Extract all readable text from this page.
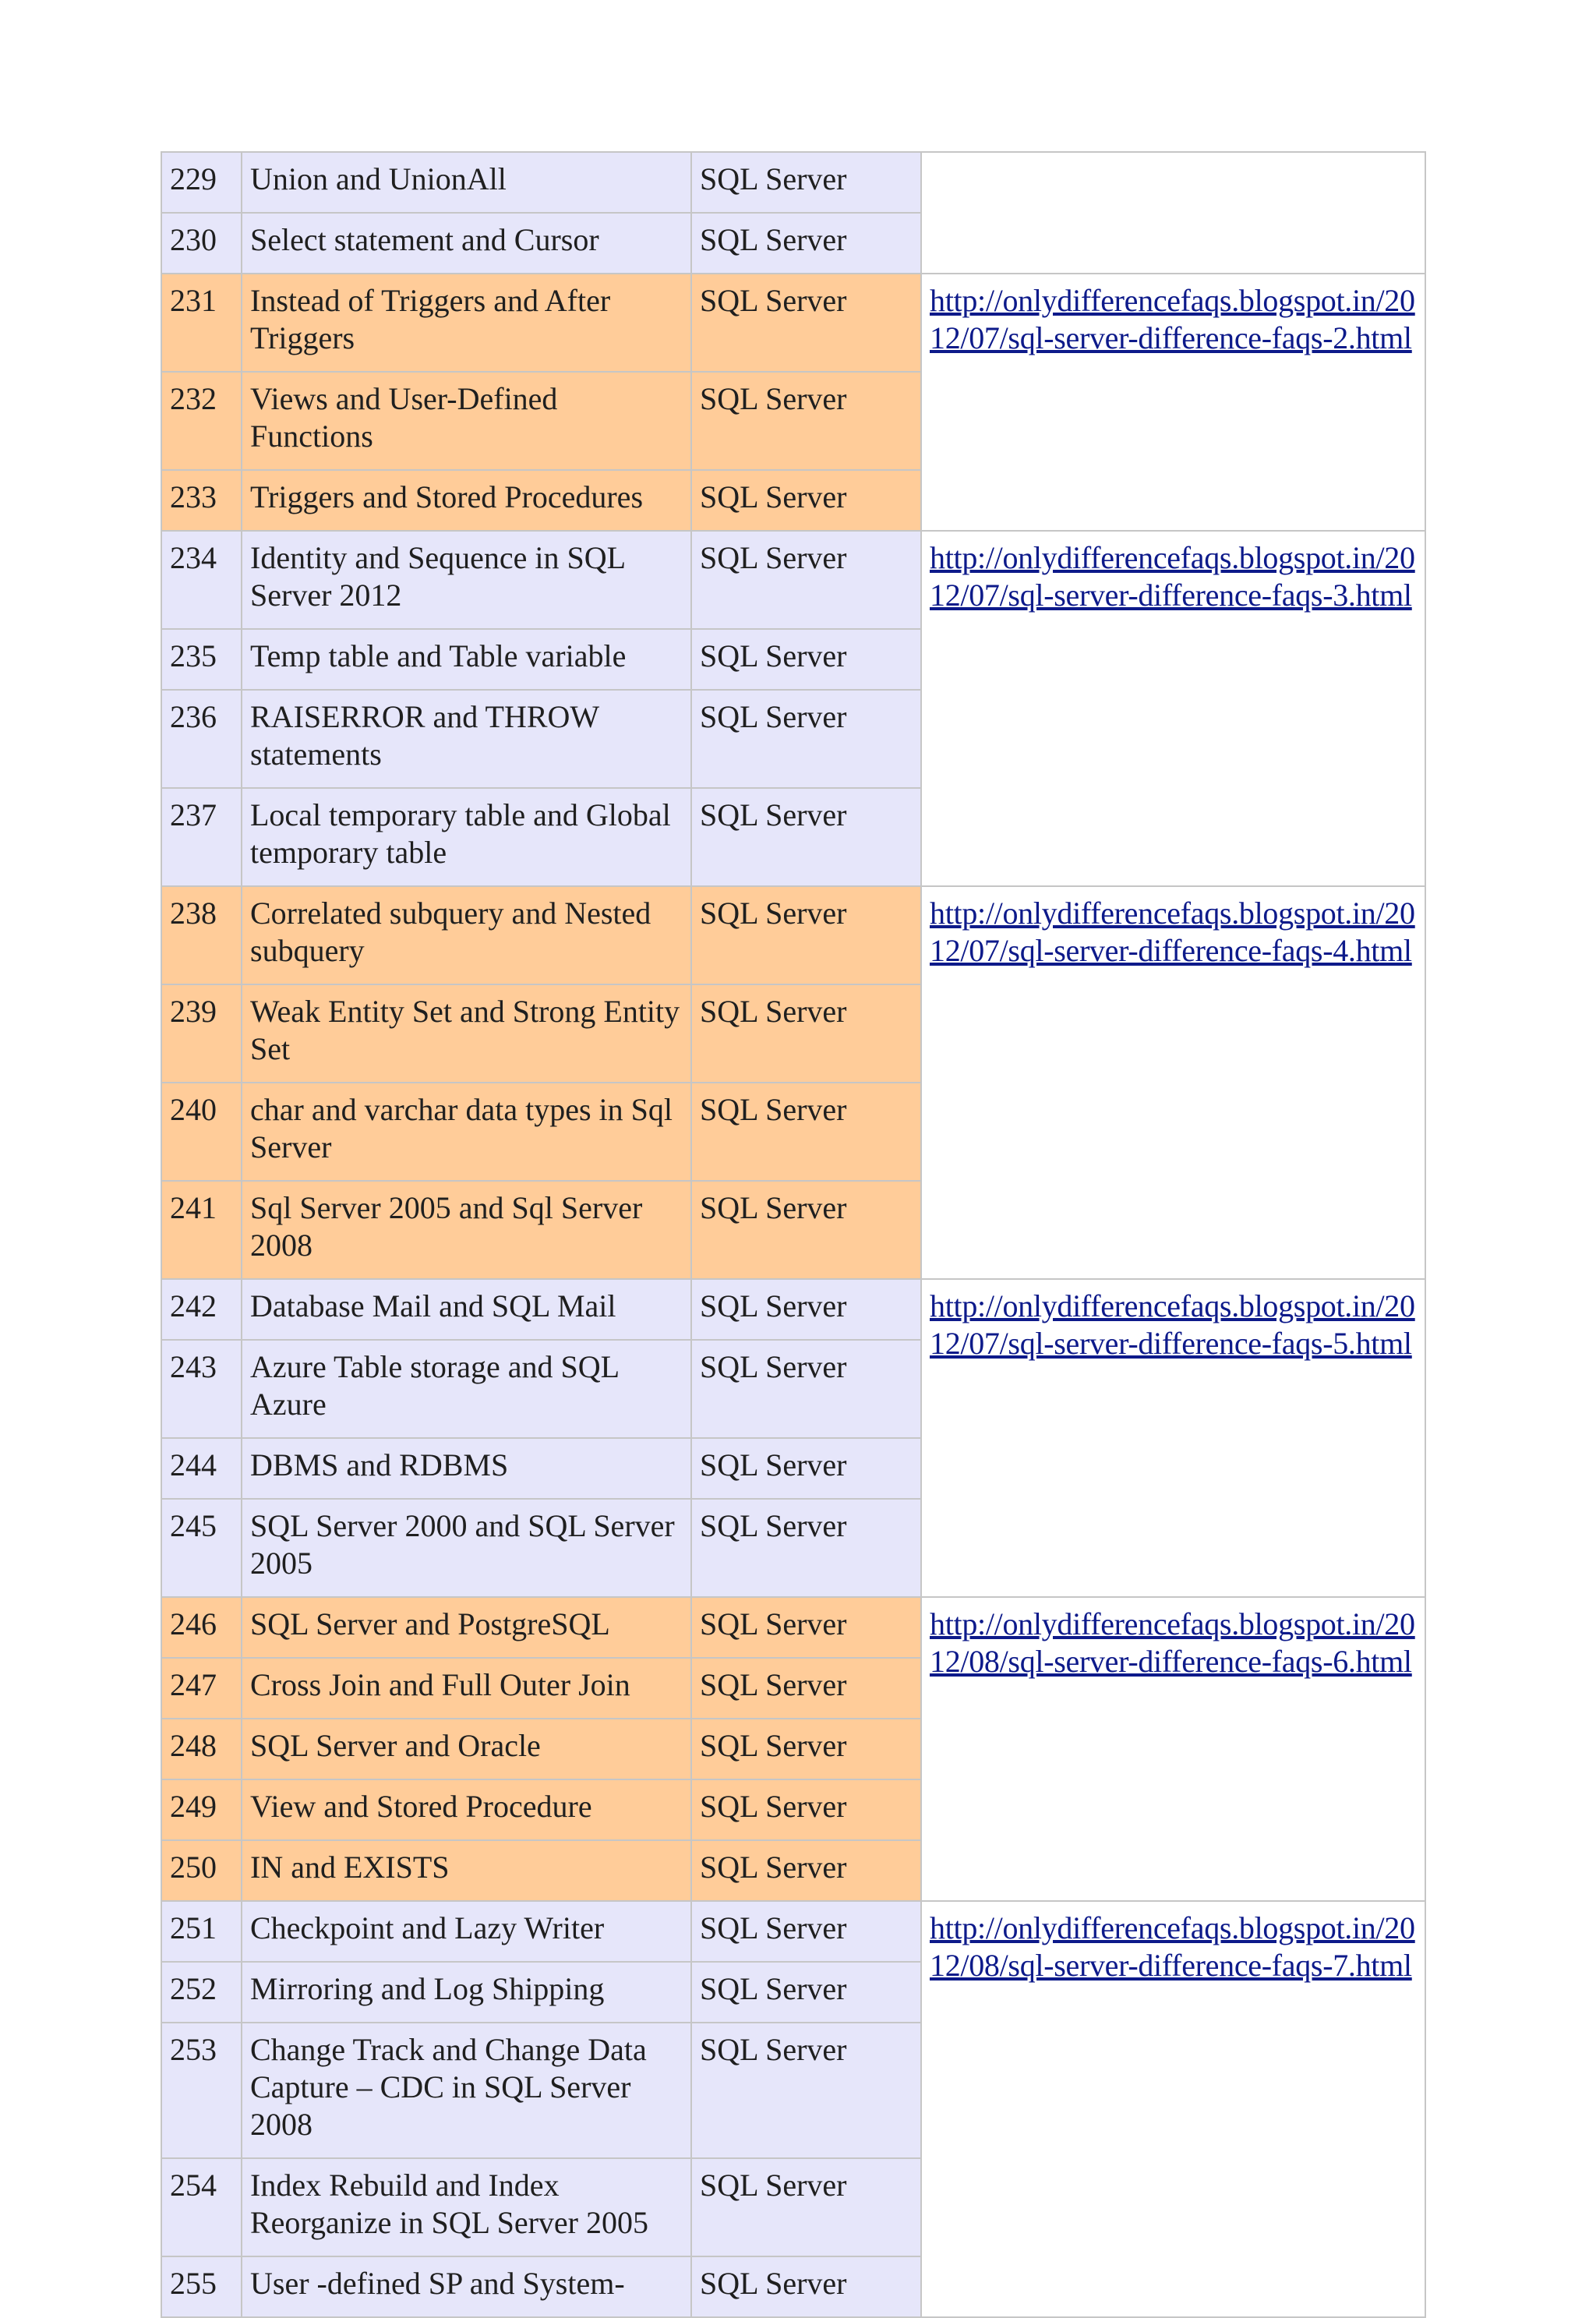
229	Union and UnionAll	SQL Server	
230	Select statement and Cursor	SQL Server	
231	Instead of Triggers and After Triggers	SQL Server	http://onlydifferencefaqs.blogspot.in/2012/07/sql-server-difference-faqs-2.html
232	Views and User-Defined Functions	SQL Server	
233	Triggers and Stored Procedures	SQL Server	
234	Identity and Sequence in SQL Server 2012	SQL Server	http://onlydifferencefaqs.blogspot.in/2012/07/sql-server-difference-faqs-3.html
235	Temp table and Table variable	SQL Server	
236	RAISERROR and THROW statements	SQL Server	
237	Local temporary table and Global temporary table	SQL Server	
238	Correlated subquery and Nested subquery	SQL Server	http://onlydifferencefaqs.blogspot.in/2012/07/sql-server-difference-faqs-4.html
239	Weak Entity Set and Strong Entity Set	SQL Server	
240	char and varchar data types in Sql Server	SQL Server	
241	Sql Server 2005 and Sql Server 2008	SQL Server	
242	Database Mail and SQL Mail	SQL Server	http://onlydifferencefaqs.blogspot.in/2012/07/sql-server-difference-faqs-5.html
243	Azure Table storage and SQL Azure	SQL Server	
244	DBMS and RDBMS	SQL Server	
245	SQL Server 2000 and SQL Server 2005	SQL Server	
246	SQL Server and PostgreSQL	SQL Server	http://onlydifferencefaqs.blogspot.in/2012/08/sql-server-difference-faqs-6.html
247	Cross Join and Full Outer Join	SQL Server	
248	SQL Server and Oracle	SQL Server	
249	View and Stored Procedure	SQL Server	
250	IN and EXISTS	SQL Server	
251	Checkpoint and Lazy Writer	SQL Server	http://onlydifferencefaqs.blogspot.in/2012/08/sql-server-difference-faqs-7.html
252	Mirroring and Log Shipping	SQL Server	
253	Change Track and Change Data Capture – CDC in SQL Server 2008	SQL Server	
254	Index Rebuild and Index Reorganize in SQL Server 2005	SQL Server	
255	User -defined SP and System-	SQL Server	
